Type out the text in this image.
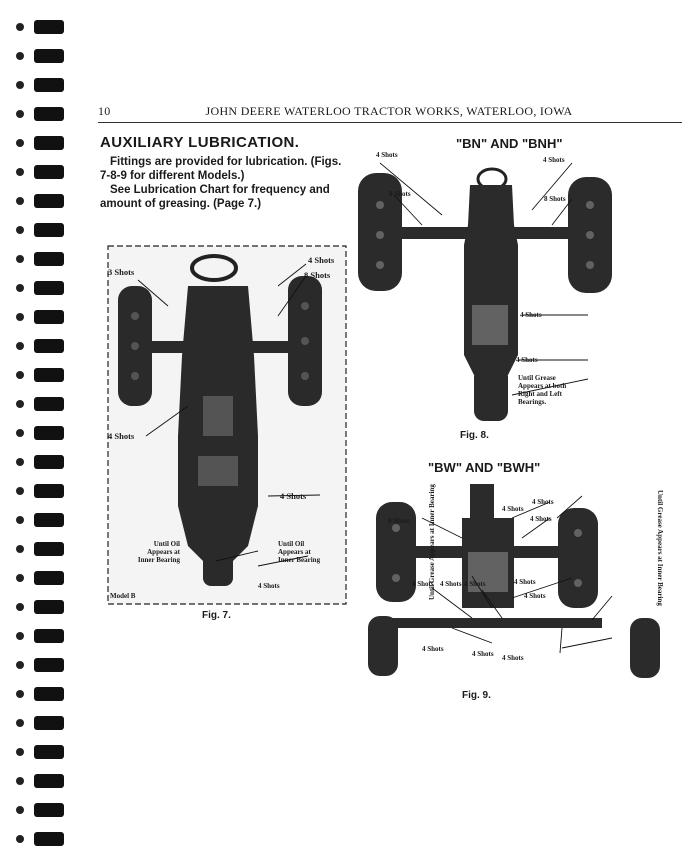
10	JOHN DEERE WATERLOO TRACTOR WORKS, WATERLOO, IOWA
AUXILIARY LUBRICATION.
Fittings are provided for lubrication. (Figs. 7-8-9 for different Models.)
See Lubrication Chart for frequency and amount of greasing. (Page 7.)
3 Shots
4 Shots
8 Shots
4 Shots
4 Shots
Until Oil Appears at Inner Bearing
Until Oil Appears at Inner Bearing
4 Shots
Model B
Fig. 7.
"BN" AND "BNH"
4 Shots
4 Shots
8 Shots
8 Shots
4 Shots
4 Shots
Until Grease Appears at both Right and Left Bearings.
Fig. 8.
"BW" AND "BWH"
Until Grease Appears at Inner Bearing	Until Grease Appears at Inner Bearing
8 Shots
4 Shots
4 Shots
4 Shots
4 Shots 4 Shots 4 Shots	4 Shots
4 Shots
4 Shots
4 Shots 4 Shots
Fig. 9.
